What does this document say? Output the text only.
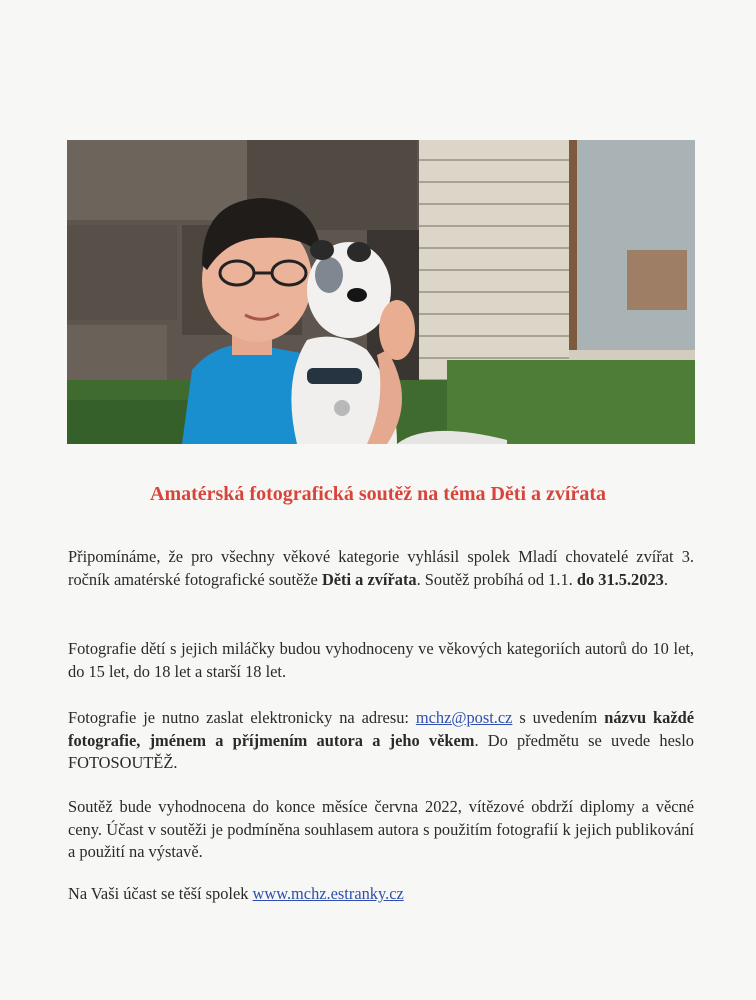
Amatérská fotografická soutěž na téma Děti a zvířata

Připomínáme, že pro všechny věkové kategorie vyhlásil spolek Mladí chovatelé zvířat 3. ročník amatérské fotografické soutěže Děti a zvířata. Soutěž probíhá od 1.1. do 31.5.2023.

Fotografie dětí s jejich miláčky budou vyhodnoceny ve věkových kategoriích autorů do 10 let, do 15 let, do 18 let a starší 18 let.

Fotografie je nutno zaslat elektronicky na adresu: mchz@post.cz s uvedením názvu každé fotografie, jménem a příjmením autora a jeho věkem. Do předmětu se uvede heslo FOTOSOUTĚŽ.

Soutěž bude vyhodnocena do konce měsíce června 2022, vítězové obdrží diplomy a věcné ceny. Účast v soutěži je podmíněna souhlasem autora s použitím fotografií k jejich publikování a použití na výstavě.

Na Vaši účast se těší spolek www.mchz.estranky.cz
